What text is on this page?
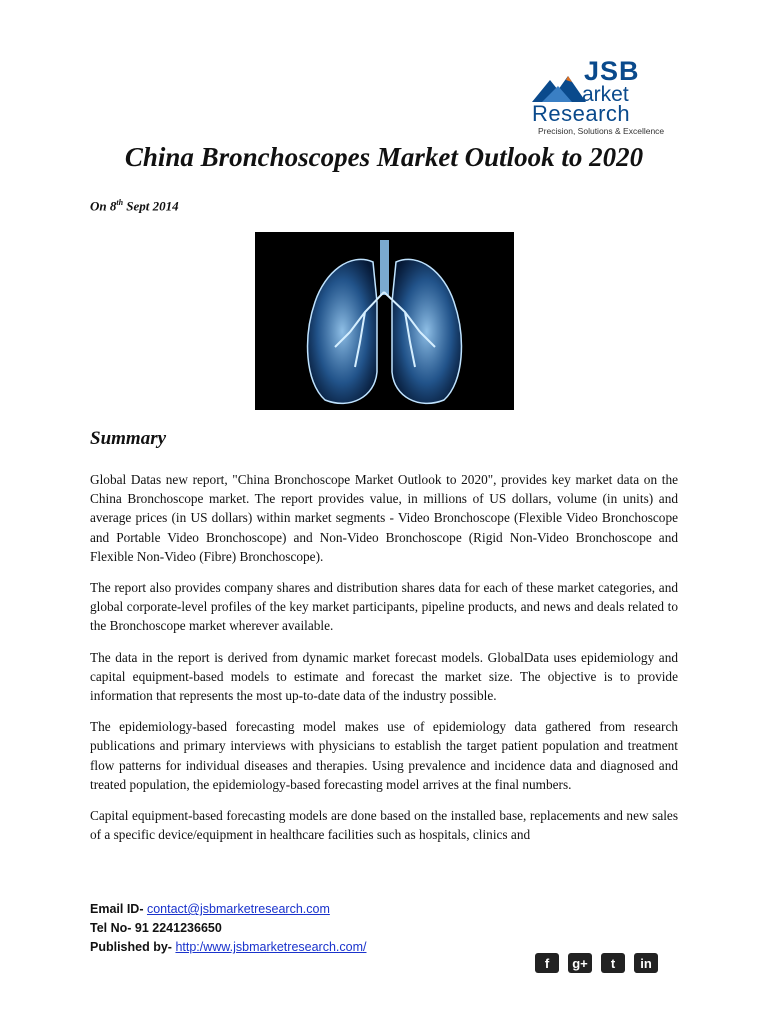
JSB
arket
Research
Precision, Solutions & Excellence
China Bronchoscopes Market Outlook to 2020
On 8th Sept 2014
Summary

Global Datas new report, "China Bronchoscope Market Outlook to 2020", provides key market data on the China Bronchoscope market. The report provides value, in millions of US dollars, volume (in units) and average prices (in US dollars) within market segments - Video Bronchoscope (Flexible Video Bronchoscope and Portable Video Bronchoscope) and Non-Video Bronchoscope (Rigid Non-Video Bronchoscope and Flexible Non-Video (Fibre) Bronchoscope).

The report also provides company shares and distribution shares data for each of these market categories, and global corporate-level profiles of the key market participants, pipeline products, and news and deals related to the Bronchoscope market wherever available.

The data in the report is derived from dynamic market forecast models. GlobalData uses epidemiology and capital equipment-based models to estimate and forecast the market size. The objective is to provide information that represents the most up-to-date data of the industry possible.

The epidemiology-based forecasting model makes use of epidemiology data gathered from research publications and primary interviews with physicians to establish the target patient population and treatment flow patterns for individual diseases and therapies. Using prevalence and incidence data and diagnosed and treated population, the epidemiology-based forecasting model arrives at the final numbers.

Capital equipment-based forecasting models are done based on the installed base, replacements and new sales of a specific device/equipment in healthcare facilities such as hospitals, clinics and

Email ID- contact@jsbmarketresearch.com
Tel No- 91 2241236650
Published by- http:/www.jsbmarketresearch.com/
f	g+	t	in
